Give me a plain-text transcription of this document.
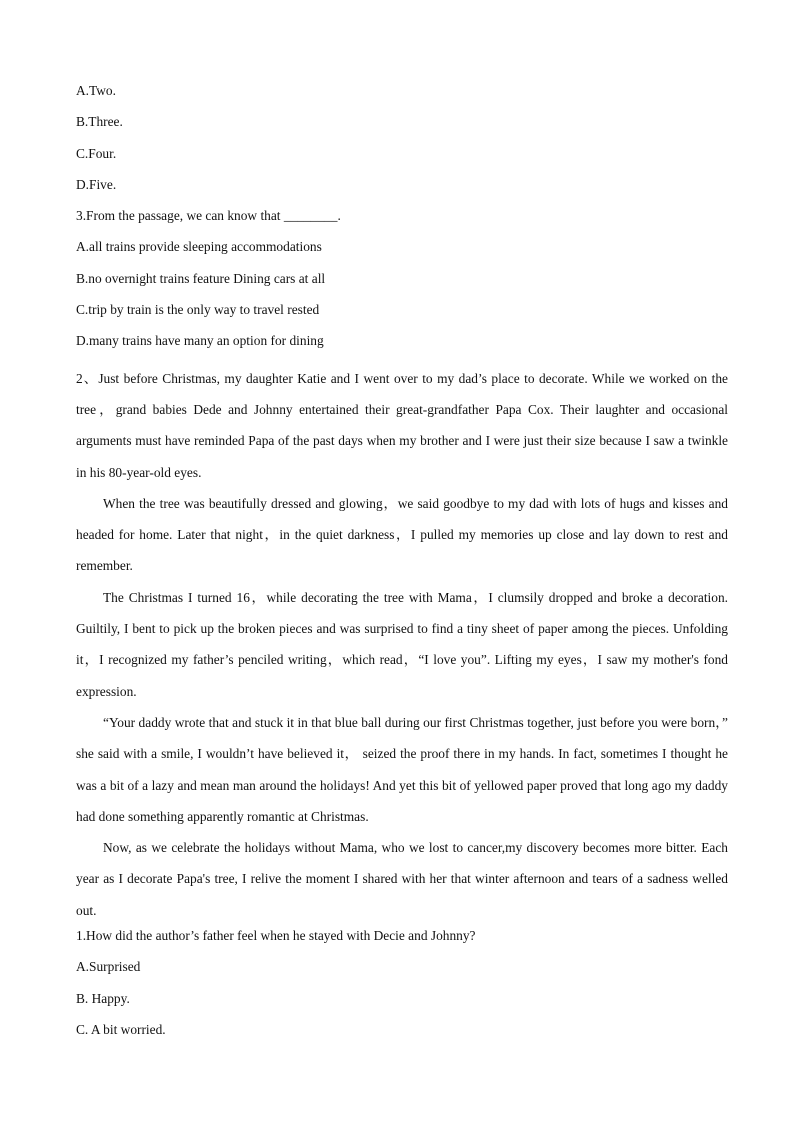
A.Two.
B.Three.
C.Four.
D.Five.
3.From the passage, we can know that ________.
A.all trains provide sleeping accommodations
B.no overnight trains feature Dining cars at all
C.trip by train is the only way to travel rested
D.many trains have many an option for dining

2、Just before Christmas, my daughter Katie and I went over to my dad’s place to decorate. While we worked on the tree，grand babies Dede and Johnny entertained their great-grandfather Papa Cox. Their laughter and occasional arguments must have reminded Papa of the past days when my brother and I were just their size because I saw a twinkle in his 80-year-old eyes.

When the tree was beautifully dressed and glowing，we said goodbye to my dad with lots of hugs and kisses and headed for home. Later that night，in the quiet darkness，I pulled my memories up close and lay down to rest and remember.

The Christmas I turned 16，while decorating the tree with Mama，I clumsily dropped and broke a decoration. Guiltily, I bent to pick up the broken pieces and was surprised to find a tiny sheet of paper among the pieces. Unfolding it，I recognized my father’s penciled writing，which read，“I love you”. Lifting my eyes，I saw my mother's fond expression.

“Your daddy wrote that and stuck it in that blue ball during our first Christmas together, just before you were born，” she said with a smile, I wouldn’t have believed it， seized the proof there in my hands. In fact, sometimes I thought he was a bit of a lazy and mean man around the holidays! And yet this bit of yellowed paper proved that long ago my daddy had done something apparently romantic at Christmas.

Now, as we celebrate the holidays without Mama, who we lost to cancer,my discovery becomes more bitter. Each year as I decorate Papa's tree, I relive the moment I shared with her that winter afternoon and tears of a sadness welled out.

1.How did the author’s father feel when he stayed with Decie and Johnny?
A.Surprised
B. Happy.
C. A bit worried.
